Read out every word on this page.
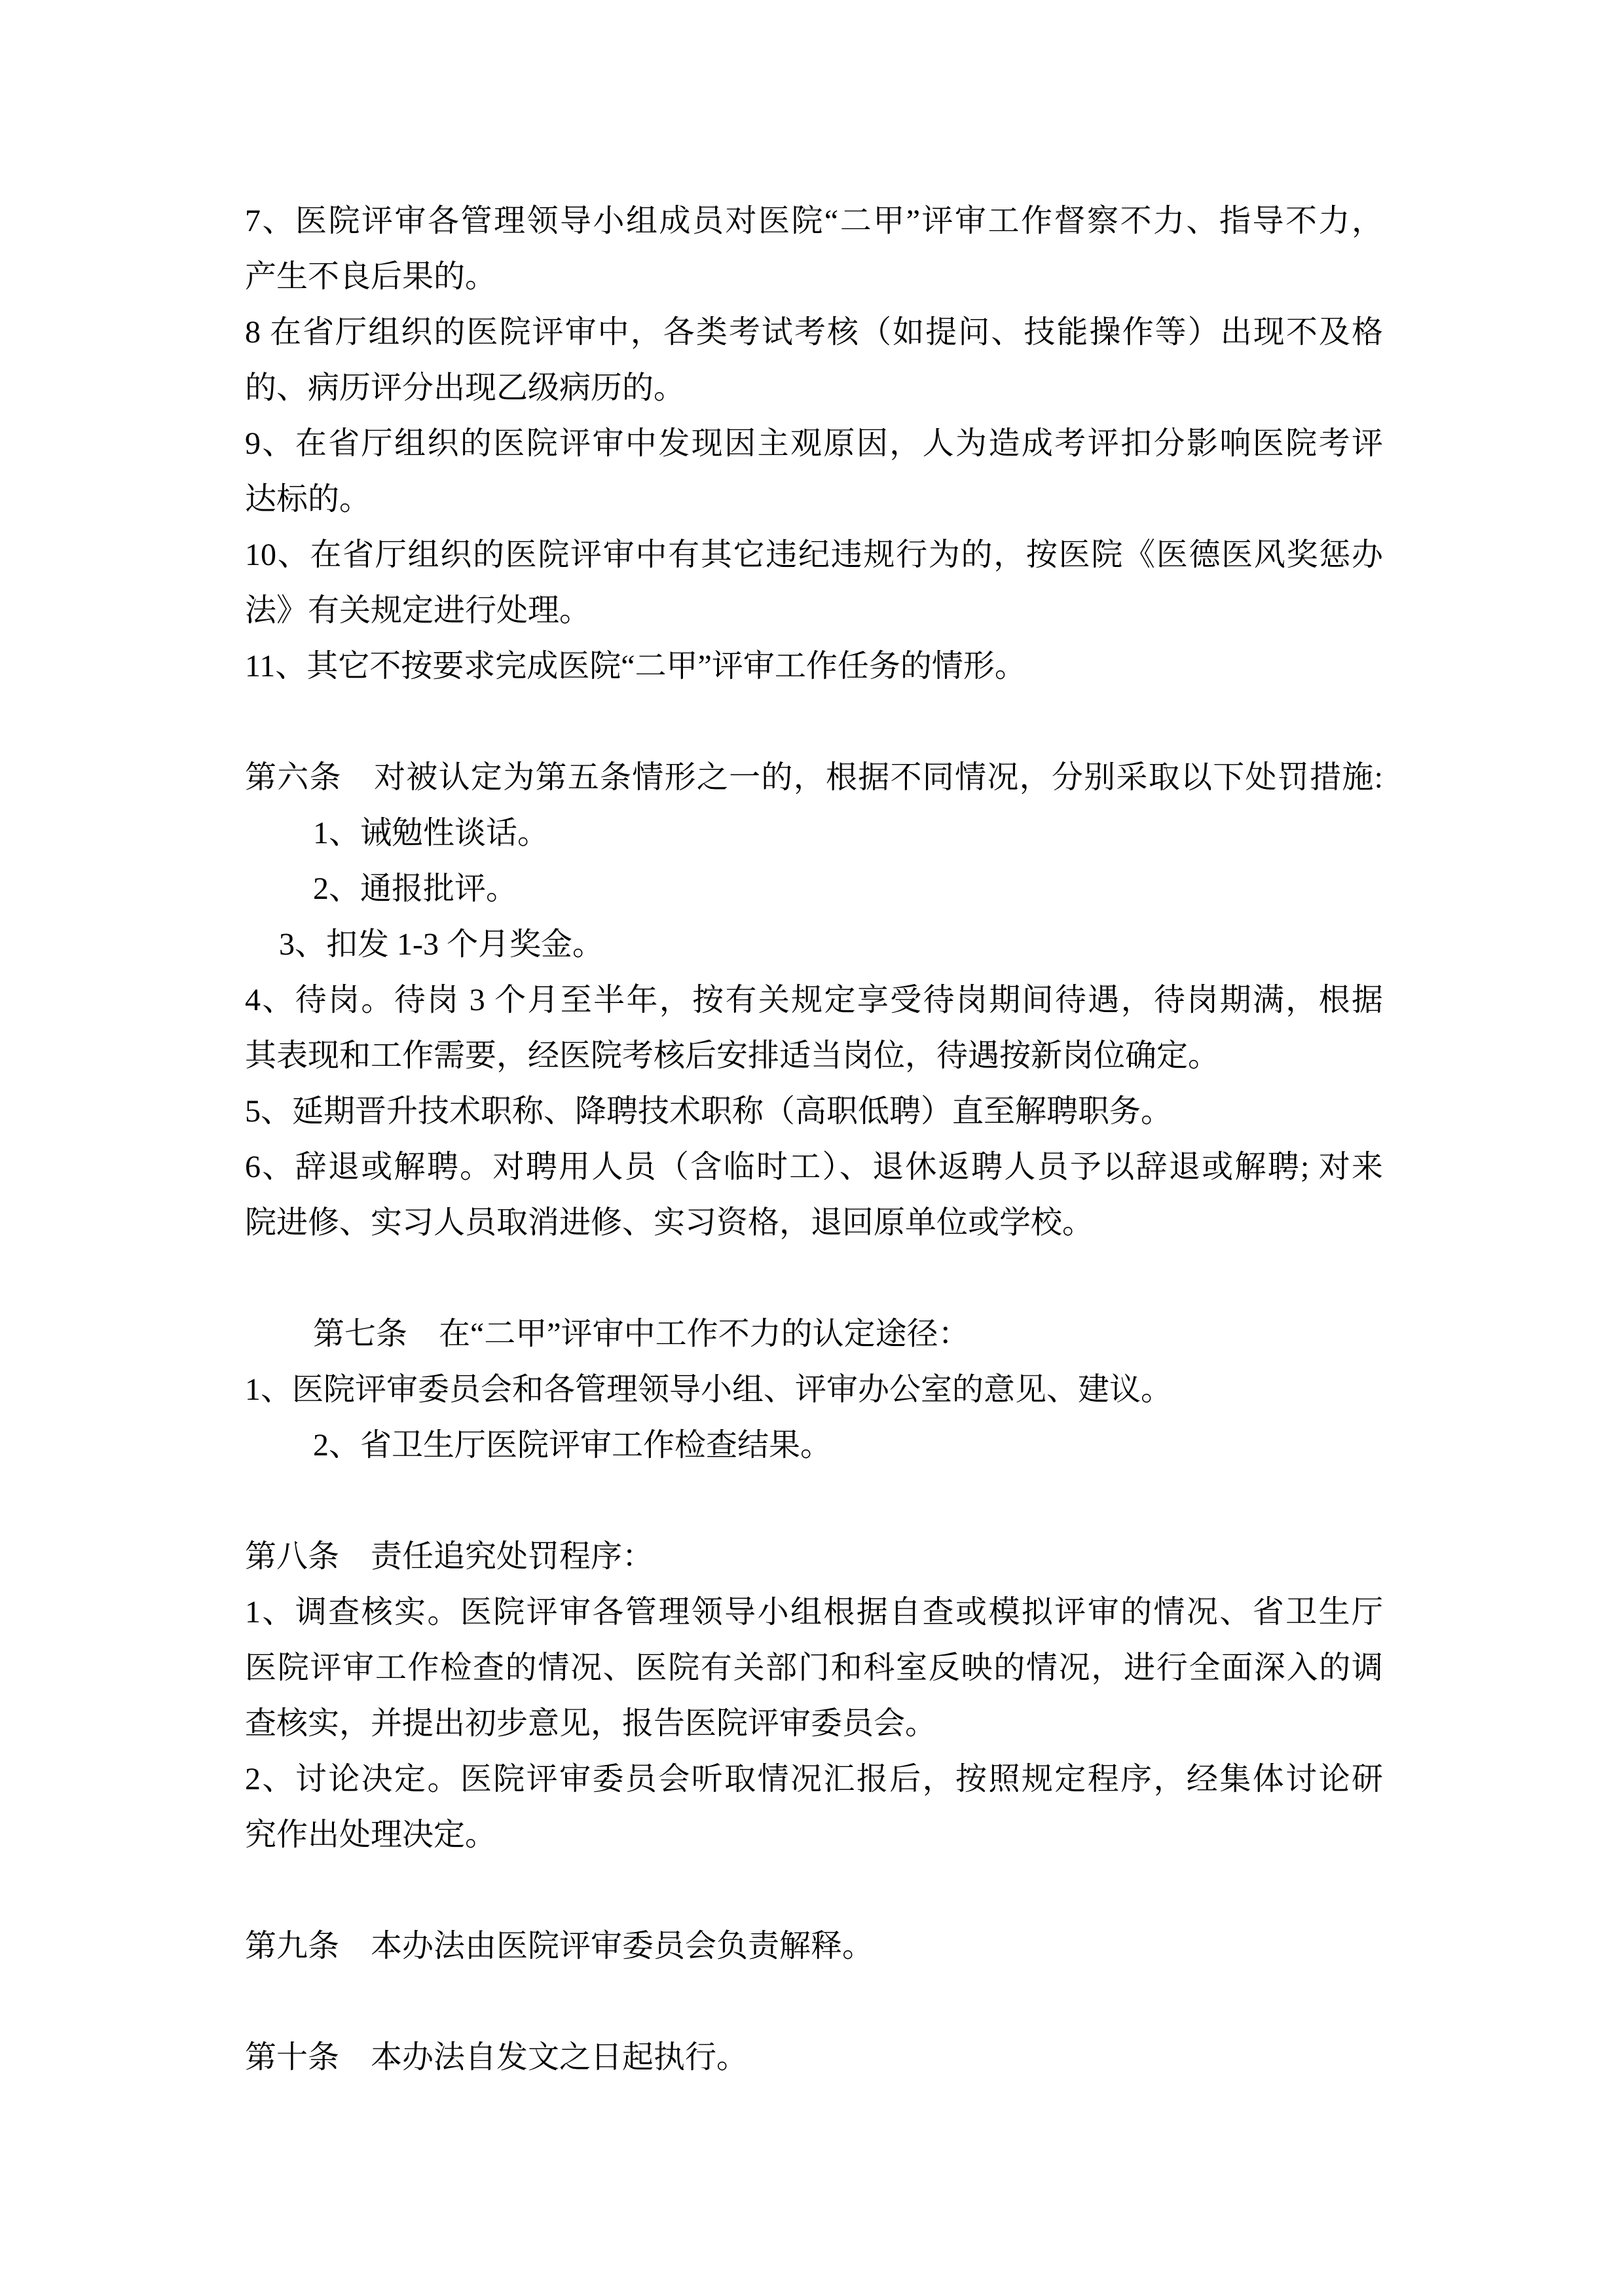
7、医院评审各管理领导小组成员对医院“二甲”评审工作督察不力、指导不力，
产生不良后果的。
8 在省厅组织的医院评审中，各类考试考核（如提问、技能操作等）出现不及格
的、病历评分出现乙级病历的。
9、在省厅组织的医院评审中发现因主观原因，人为造成考评扣分影响医院考评
达标的。
10、在省厅组织的医院评审中有其它违纪违规行为的，按医院《医德医风奖惩办
法》有关规定进行处理。
11、其它不按要求完成医院“二甲”评审工作任务的情形。
第六条　对被认定为第五条情形之一的，根据不同情况，分别采取以下处罚措施:
1、诫勉性谈话。
2、通报批评。
3、扣发 1-3 个月奖金。
4、待岗。待岗 3 个月至半年，按有关规定享受待岗期间待遇，待岗期满，根据
其表现和工作需要，经医院考核后安排适当岗位，待遇按新岗位确定。
5、延期晋升技术职称、降聘技术职称（高职低聘）直至解聘职务。
6、辞退或解聘。对聘用人员（含临时工）、退休返聘人员予以辞退或解聘; 对来
院进修、实习人员取消进修、实习资格，退回原单位或学校。
第七条　在“二甲”评审中工作不力的认定途径：
1、医院评审委员会和各管理领导小组、评审办公室的意见、建议。
2、省卫生厅医院评审工作检查结果。
第八条　责任追究处罚程序：
1、调查核实。医院评审各管理领导小组根据自查或模拟评审的情况、省卫生厅
医院评审工作检查的情况、医院有关部门和科室反映的情况，进行全面深入的调
查核实，并提出初步意见，报告医院评审委员会。
2、讨论决定。医院评审委员会听取情况汇报后，按照规定程序，经集体讨论研
究作出处理决定。
第九条　本办法由医院评审委员会负责解释。
第十条　本办法自发文之日起执行。
